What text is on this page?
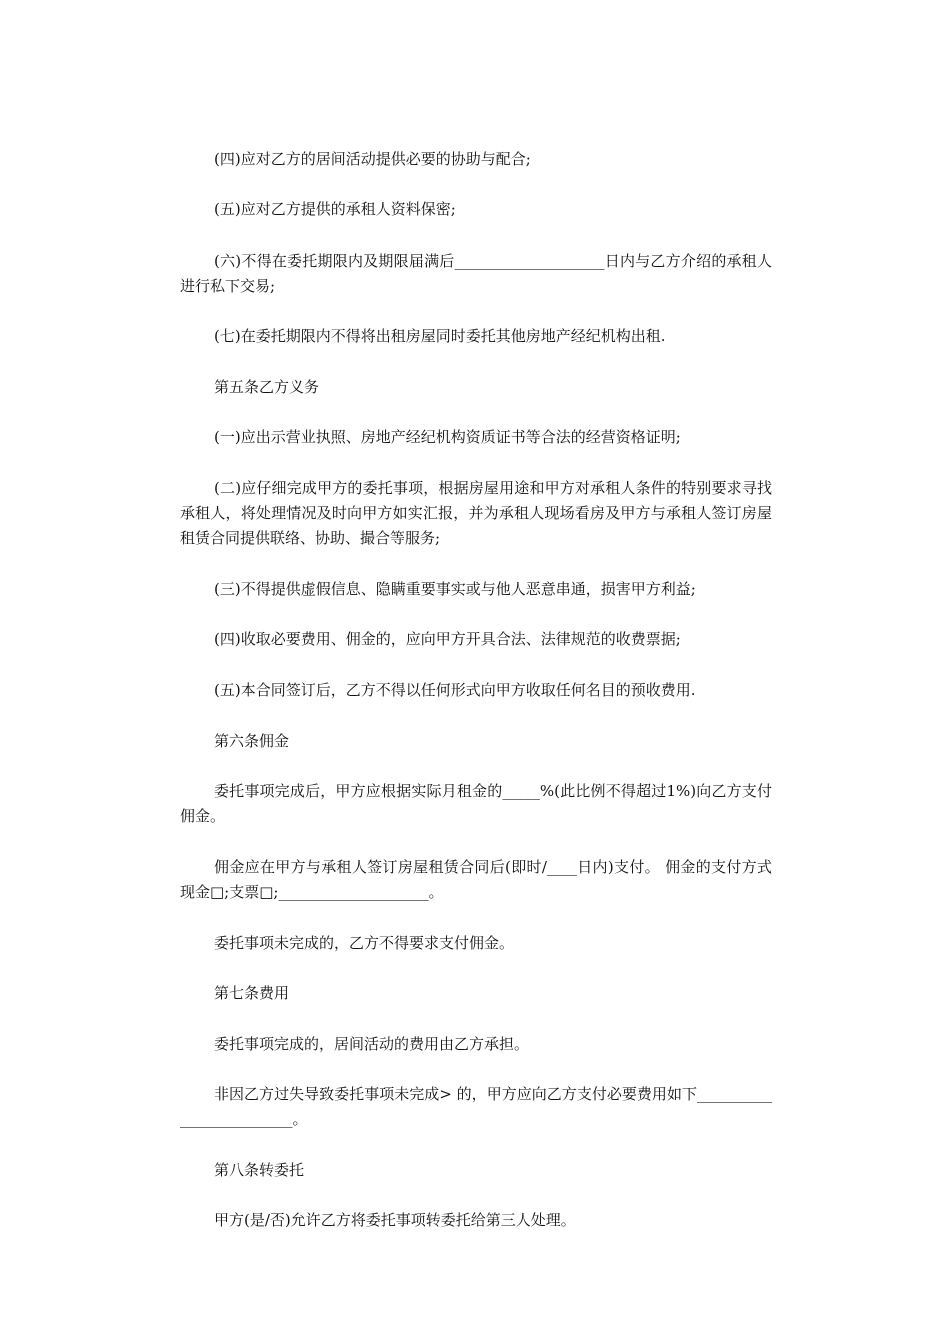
(四)应对乙方的居间活动提供必要的协助与配合;

(五)应对乙方提供的承租人资料保密;

(六)不得在委托期限内及期限届满后____________________日内与乙方介绍的承租人进行私下交易;

(七)在委托期限内不得将出租房屋同时委托其他房地产经纪机构出租.

第五条乙方义务

(一)应出示营业执照、房地产经纪机构资质证书等合法的经营资格证明;

(二)应仔细完成甲方的委托事项，根据房屋用途和甲方对承租人条件的特别要求寻找承租人，将处理情况及时向甲方如实汇报，并为承租人现场看房及甲方与承租人签订房屋租赁合同提供联络、协助、撮合等服务;

(三)不得提供虚假信息、隐瞒重要事实或与他人恶意串通，损害甲方利益;

(四)收取必要费用、佣金的，应向甲方开具合法、法律规范的收费票据;

(五)本合同签订后，乙方不得以任何形式向甲方收取任何名目的预收费用.

第六条佣金

委托事项完成后，甲方应根据实际月租金的_____%(此比例不得超过1%)向乙方支付佣金。

佣金应在甲方与承租人签订房屋租赁合同后(即时/____日内)支付。 佣金的支付方式现金□;支票□;____________________。

委托事项未完成的，乙方不得要求支付佣金。

第七条费用

委托事项完成的，居间活动的费用由乙方承担。

非因乙方过失导致委托事项未完成> 的，甲方应向乙方支付必要费用如下_________________________。

第八条转委托

甲方(是/否)允许乙方将委托事项转委托给第三人处理。
